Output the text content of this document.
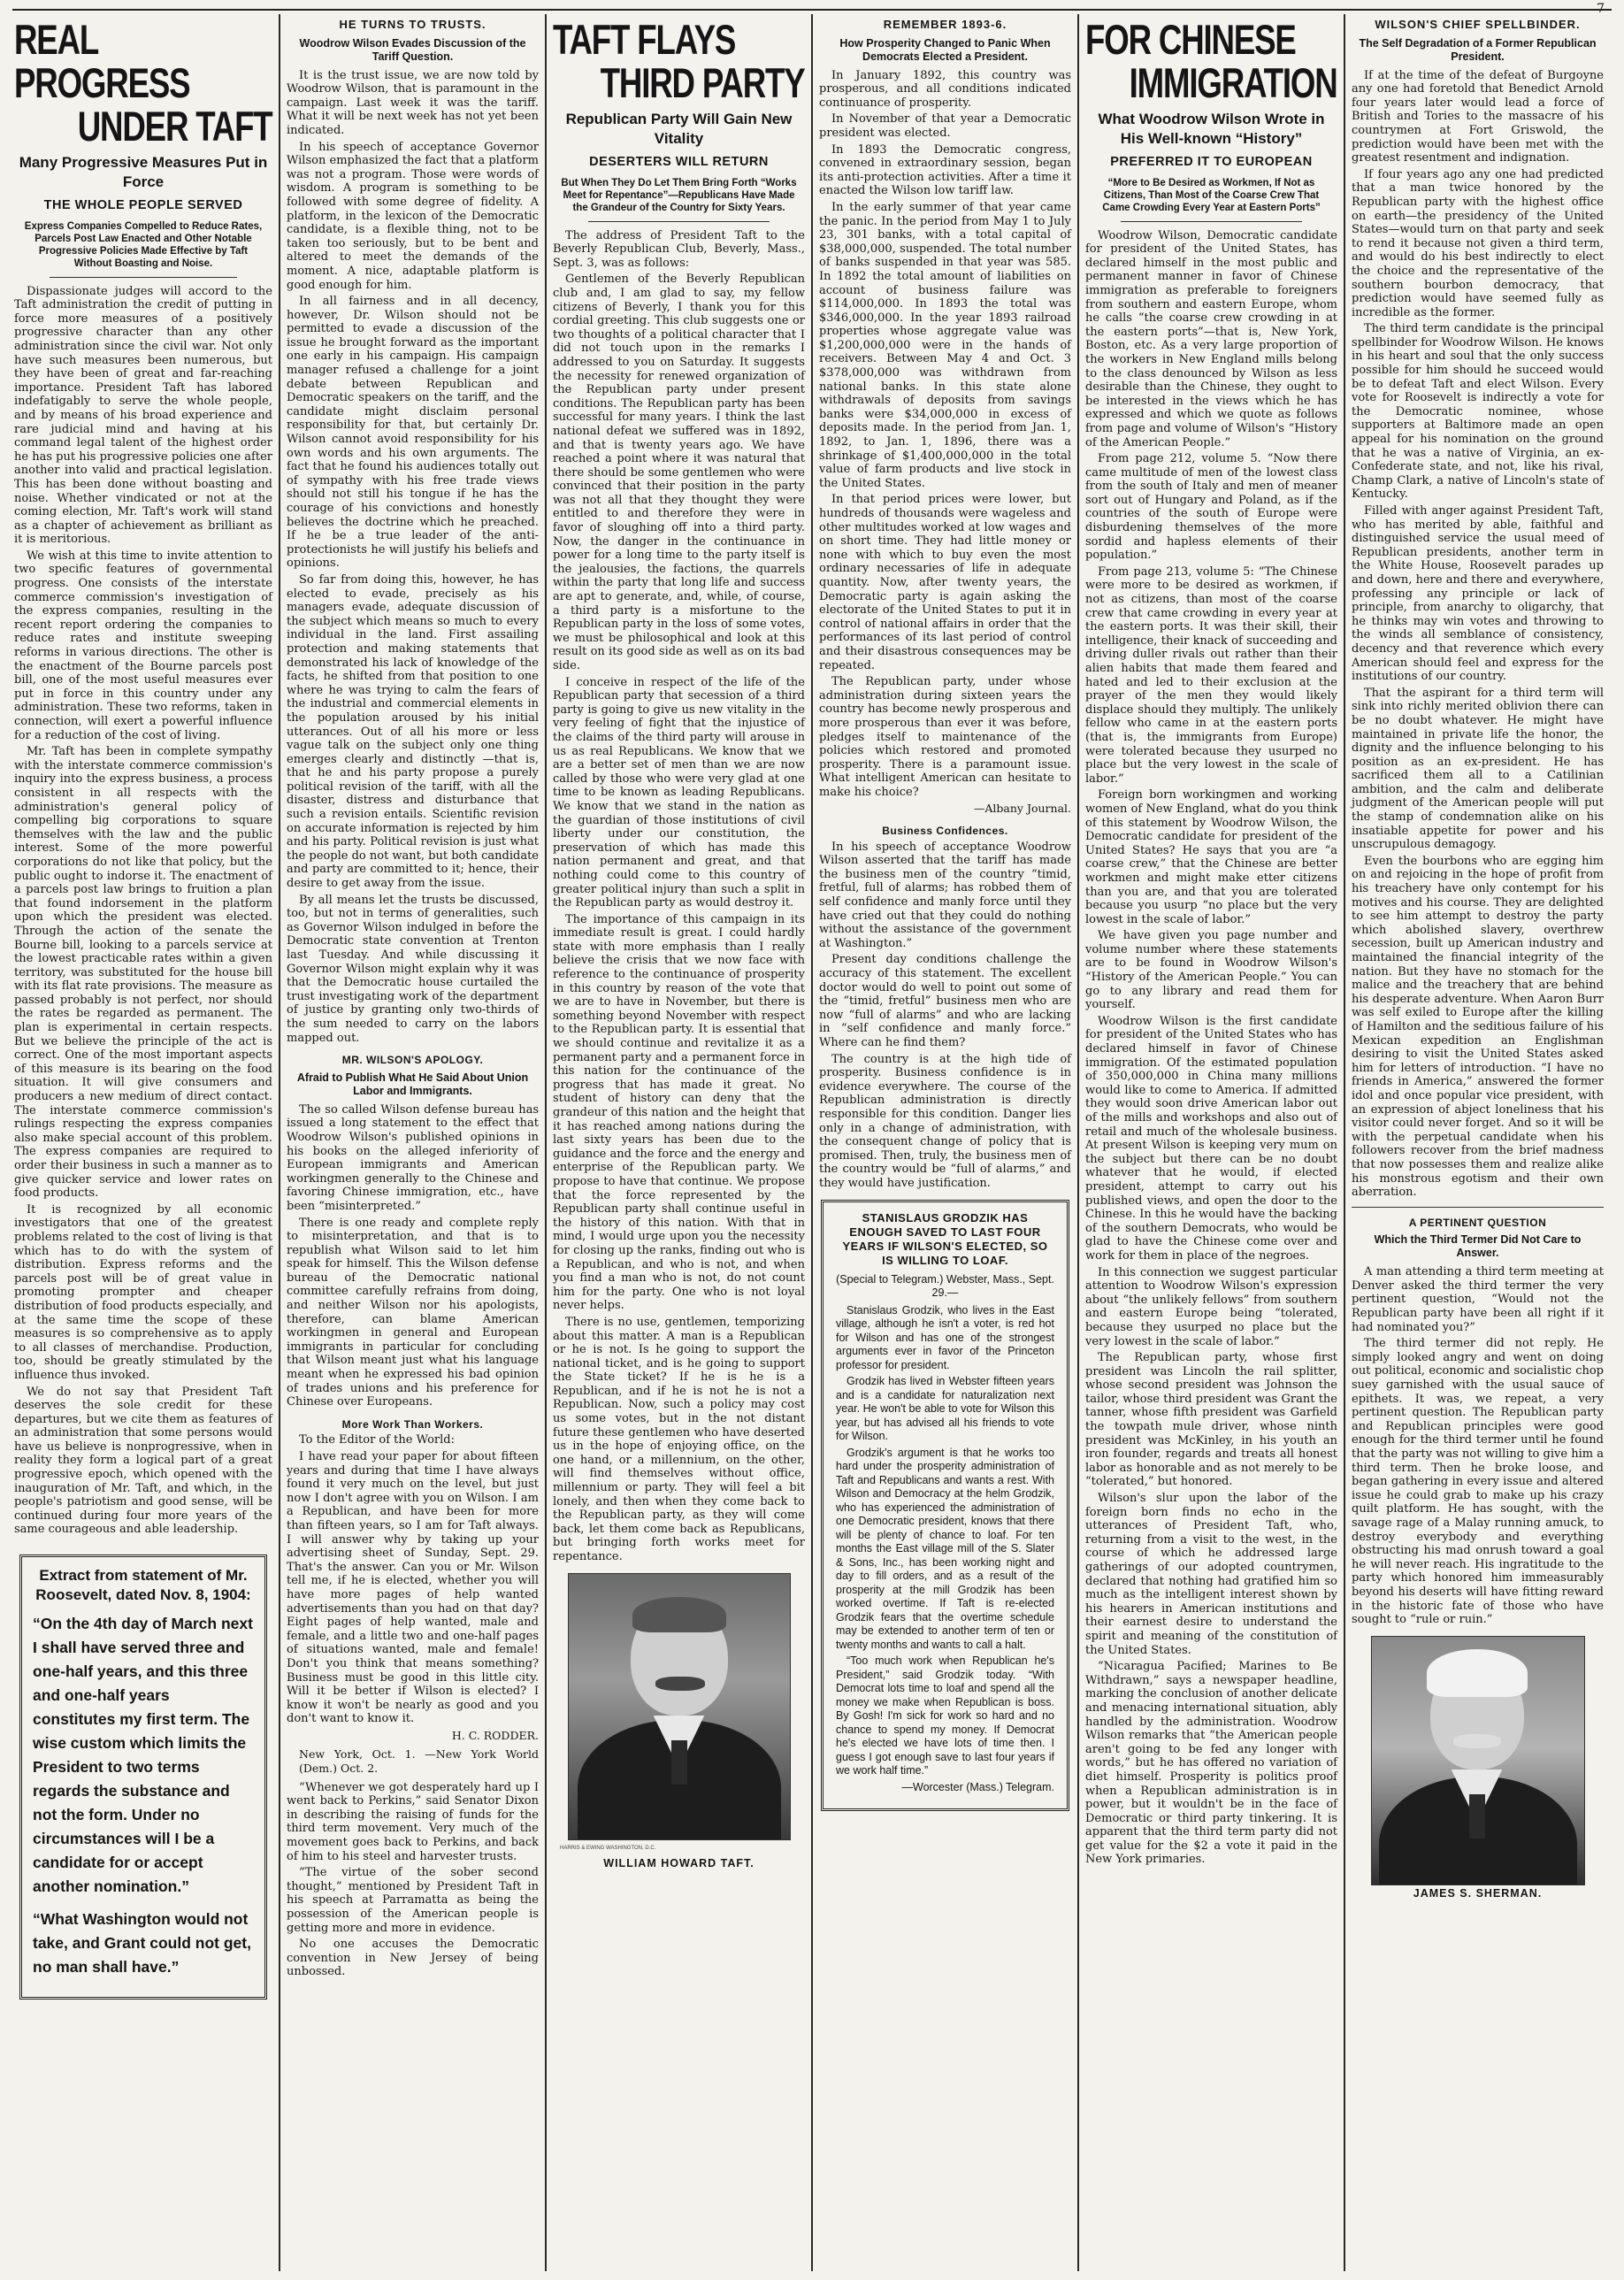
REAL PROGRESS
UNDER TAFT
Many Progressive Measures Put in Force
THE WHOLE PEOPLE SERVED
Express Companies Compelled to Reduce Rates, Parcels Post Law Enacted and Other Notable Progressive Policies Made Effective by Taft Without Boasting and Noise.

Dispassionate judges will accord to the Taft administration the credit of putting in force more measures of a positively progressive character than any other administration since the civil war. Not only have such measures been numerous, but they have been of great and far-reaching importance. President Taft has labored indefatigably to serve the whole people, and by means of his broad experience and rare judicial mind and having at his command legal talent of the highest order he has put his progressive policies one after another into valid and practical legislation. This has been done without boasting and noise. Whether vindicated or not at the coming election, Mr. Taft's work will stand as a chapter of achievement as brilliant as it is meritorious.

We wish at this time to invite attention to two specific features of governmental progress. One consists of the interstate commerce commission's investigation of the express companies, resulting in the recent report ordering the companies to reduce rates and institute sweeping reforms in various directions. The other is the enactment of the Bourne parcels post bill, one of the most useful measures ever put in force in this country under any administration. These two reforms, taken in connection, will exert a powerful influence for a reduction of the cost of living.

Mr. Taft has been in complete sympathy with the interstate commerce commission's inquiry into the express business, a process consistent in all respects with the administration's general policy of compelling big corporations to square themselves with the law and the public interest. Some of the more powerful corporations do not like that policy, but the public ought to indorse it. The enactment of a parcels post law brings to fruition a plan that found indorsement in the platform upon which the president was elected. Through the action of the senate the Bourne bill, looking to a parcels service at the lowest practicable rates within a given territory, was substituted for the house bill with its flat rate provisions. The measure as passed probably is not perfect, nor should the rates be regarded as permanent. The plan is experimental in certain respects. But we believe the principle of the act is correct. One of the most important aspects of this measure is its bearing on the food situation. It will give consumers and producers a new medium of direct contact. The interstate commerce commission's rulings respecting the express companies also make special account of this problem. The express companies are required to order their business in such a manner as to give quicker service and lower rates on food products.

It is recognized by all economic investigators that one of the greatest problems related to the cost of living is that which has to do with the system of distribution. Express reforms and the parcels post will be of great value in promoting prompter and cheaper distribution of food products especially, and at the same time the scope of these measures is so comprehensive as to apply to all classes of merchandise. Production, too, should be greatly stimulated by the influence thus invoked.

We do not say that President Taft deserves the sole credit for these departures, but we cite them as features of an administration that some persons would have us believe is nonprogressive, when in reality they form a logical part of a great progressive epoch, which opened with the inauguration of Mr. Taft, and which, in the people's patriotism and good sense, will be continued during four more years of the same courageous and able leadership.

Extract from statement of Mr. Roosevelt, dated Nov. 8, 1904:

“On the 4th day of March next I shall have served three and one-half years, and this three and one-half years constitutes my first term. The wise custom which limits the President to two terms regards the substance and not the form. Under no circumstances will I be a candidate for or accept another nomination.”

“What Washington would not take, and Grant could not get, no man shall have.”

HE TURNS TO TRUSTS.
Woodrow Wilson Evades Discussion of the Tariff Question.

It is the trust issue, we are now told by Woodrow Wilson, that is paramount in the campaign. Last week it was the tariff. What it will be next week has not yet been indicated.

In his speech of acceptance Governor Wilson emphasized the fact that a platform was not a program. Those were words of wisdom. A program is something to be followed with some degree of fidelity. A platform, in the lexicon of the Democratic candidate, is a flexible thing, not to be taken too seriously, but to be bent and altered to meet the demands of the moment. A nice, adaptable platform is good enough for him.

In all fairness and in all decency, however, Dr. Wilson should not be permitted to evade a discussion of the issue he brought forward as the important one early in his campaign. His campaign manager refused a challenge for a joint debate between Republican and Democratic speakers on the tariff, and the candidate might disclaim personal responsibility for that, but certainly Dr. Wilson cannot avoid responsibility for his own words and his own arguments. The fact that he found his audiences totally out of sympathy with his free trade views should not still his tongue if he has the courage of his convictions and honestly believes the doctrine which he preached. If he be a true leader of the anti-protectionists he will justify his beliefs and opinions.

So far from doing this, however, he has elected to evade, precisely as his managers evade, adequate discussion of the subject which means so much to every individual in the land. First assailing protection and making statements that demonstrated his lack of knowledge of the facts, he shifted from that position to one where he was trying to calm the fears of the industrial and commercial elements in the population aroused by his initial utterances. Out of all his more or less vague talk on the subject only one thing emerges clearly and distinctly —that is, that he and his party propose a purely political revision of the tariff, with all the disaster, distress and disturbance that such a revision entails. Scientific revision on accurate information is rejected by him and his party. Political revision is just what the people do not want, but both candidate and party are committed to it; hence, their desire to get away from the issue.

By all means let the trusts be discussed, too, but not in terms of generalities, such as Governor Wilson indulged in before the Democratic state convention at Trenton last Tuesday. And while discussing it Governor Wilson might explain why it was that the Democratic house curtailed the trust investigating work of the department of justice by granting only two-thirds of the sum needed to carry on the labors mapped out.

MR. WILSON'S APOLOGY.
Afraid to Publish What He Said About Union Labor and Immigrants.

The so called Wilson defense bureau has issued a long statement to the effect that Woodrow Wilson's published opinions in his books on the alleged inferiority of European immigrants and American workingmen generally to the Chinese and favoring Chinese immigration, etc., have been “misinterpreted.”

There is one ready and complete reply to misinterpretation, and that is to republish what Wilson said to let him speak for himself. This the Wilson defense bureau of the Democratic national committee carefully refrains from doing, and neither Wilson nor his apologists, therefore, can blame American workingmen in general and European immigrants in particular for concluding that Wilson meant just what his language meant when he expressed his bad opinion of trades unions and his preference for Chinese over Europeans.

More Work Than Workers.

To the Editor of the World:

I have read your paper for about fifteen years and during that time I have always found it very much on the level, but just now I don't agree with you on Wilson. I am a Republican, and have been for more than fifteen years, so I am for Taft always. I will answer why by taking up your advertising sheet of Sunday, Sept. 29. That's the answer. Can you or Mr. Wilson tell me, if he is elected, whether you will have more pages of help wanted advertisements than you had on that day? Eight pages of help wanted, male and female, and a little two and one-half pages of situations wanted, male and female! Don't you think that means something? Business must be good in this little city. Will it be better if Wilson is elected? I know it won't be nearly as good and you don't want to know it.

H. C. RODDER.
New York, Oct. 1. —New York World (Dem.) Oct. 2.

“Whenever we got desperately hard up I went back to Perkins,” said Senator Dixon in describing the raising of funds for the third term movement. Very much of the movement goes back to Perkins, and back of him to his steel and harvester trusts.

“The virtue of the sober second thought,” mentioned by President Taft in his speech at Parramatta as being the possession of the American people is getting more and more in evidence.

No one accuses the Democratic convention in New Jersey of being unbossed.

TAFT FLAYS
THIRD PARTY
Republican Party Will Gain New Vitality
DESERTERS WILL RETURN
But When They Do Let Them Bring Forth “Works Meet for Repentance”—Republicans Have Made the Grandeur of the Country for Sixty Years.

The address of President Taft to the Beverly Republican Club, Beverly, Mass., Sept. 3, was as follows:

Gentlemen of the Beverly Republican club and, I am glad to say, my fellow citizens of Beverly, I thank you for this cordial greeting. This club suggests one or two thoughts of a political character that I did not touch upon in the remarks I addressed to you on Saturday. It suggests the necessity for renewed organization of the Republican party under present conditions. The Republican party has been successful for many years. I think the last national defeat we suffered was in 1892, and that is twenty years ago. We have reached a point where it was natural that there should be some gentlemen who were convinced that their position in the party was not all that they thought they were entitled to and therefore they were in favor of sloughing off into a third party. Now, the danger in the continuance in power for a long time to the party itself is the jealousies, the factions, the quarrels within the party that long life and success are apt to generate, and, while, of course, a third party is a misfortune to the Republican party in the loss of some votes, we must be philosophical and look at this result on its good side as well as on its bad side.

I conceive in respect of the life of the Republican party that secession of a third party is going to give us new vitality in the very feeling of fight that the injustice of the claims of the third party will arouse in us as real Republicans. We know that we are a better set of men than we are now called by those who were very glad at one time to be known as leading Republicans. We know that we stand in the nation as the guardian of those institutions of civil liberty under our constitution, the preservation of which has made this nation permanent and great, and that nothing could come to this country of greater political injury than such a split in the Republican party as would destroy it.

The importance of this campaign in its immediate result is great. I could hardly state with more emphasis than I really believe the crisis that we now face with reference to the continuance of prosperity in this country by reason of the vote that we are to have in November, but there is something beyond November with respect to the Republican party. It is essential that we should continue and revitalize it as a permanent party and a permanent force in this nation for the continuance of the progress that has made it great. No student of history can deny that the grandeur of this nation and the height that it has reached among nations during the last sixty years has been due to the guidance and the force and the energy and enterprise of the Republican party. We propose to have that continue. We propose that the force represented by the Republican party shall continue useful in the history of this nation. With that in mind, I would urge upon you the necessity for closing up the ranks, finding out who is a Republican, and who is not, and when you find a man who is not, do not count him for the party. One who is not loyal never helps.

There is no use, gentlemen, temporizing about this matter. A man is a Republican or he is not. Is he going to support the national ticket, and is he going to support the State ticket? If he is he is a Republican, and if he is not he is not a Republican. Now, such a policy may cost us some votes, but in the not distant future these gentlemen who have deserted us in the hope of enjoying office, on the one hand, or a millennium, on the other, will find themselves without office, millennium or party. They will feel a bit lonely, and then when they come back to the Republican party, as they will come back, let them come back as Republicans, but bringing forth works meet for repentance.

HARRIS & EWING WASHINGTON, D.C.
WILLIAM HOWARD TAFT.
REMEMBER 1893-6.
How Prosperity Changed to Panic When Democrats Elected a President.

In January 1892, this country was prosperous, and all conditions indicated continuance of prosperity.

In November of that year a Democratic president was elected.

In 1893 the Democratic congress, convened in extraordinary session, began its anti-protection activities. After a time it enacted the Wilson low tariff law.

In the early summer of that year came the panic. In the period from May 1 to July 23, 301 banks, with a total capital of $38,000,000, suspended. The total number of banks suspended in that year was 585. In 1892 the total amount of liabilities on account of business failure was $114,000,000. In 1893 the total was $346,000,000. In the year 1893 railroad properties whose aggregate value was $1,200,000,000 were in the hands of receivers. Between May 4 and Oct. 3 $378,000,000 was withdrawn from national banks. In this state alone withdrawals of deposits from savings banks were $34,000,000 in excess of deposits made. In the period from Jan. 1, 1892, to Jan. 1, 1896, there was a shrinkage of $1,400,000,000 in the total value of farm products and live stock in the United States.

In that period prices were lower, but hundreds of thousands were wageless and other multitudes worked at low wages and on short time. They had little money or none with which to buy even the most ordinary necessaries of life in adequate quantity. Now, after twenty years, the Democratic party is again asking the electorate of the United States to put it in control of national affairs in order that the performances of its last period of control and their disastrous consequences may be repeated.

The Republican party, under whose administration during sixteen years the country has become newly prosperous and more prosperous than ever it was before, pledges itself to maintenance of the policies which restored and promoted prosperity. There is a paramount issue. What intelligent American can hesitate to make his choice?

—Albany Journal.
Business Confidences.

In his speech of acceptance Woodrow Wilson asserted that the tariff has made the business men of the country “timid, fretful, full of alarms; has robbed them of self confidence and manly force until they have cried out that they could do nothing without the assistance of the government at Washington.”

Present day conditions challenge the accuracy of this statement. The excellent doctor would do well to point out some of the “timid, fretful” business men who are now “full of alarms” and who are lacking in “self confidence and manly force.” Where can he find them?

The country is at the high tide of prosperity. Business confidence is in evidence everywhere. The course of the Republican administration is directly responsible for this condition. Danger lies only in a change of administration, with the consequent change of policy that is promised. Then, truly, the business men of the country would be “full of alarms,” and they would have justification.

STANISLAUS GRODZIK HAS ENOUGH SAVED TO LAST FOUR YEARS IF WILSON'S ELECTED, SO IS WILLING TO LOAF.
(Special to Telegram.) Webster, Mass., Sept. 29.—

Stanislaus Grodzik, who lives in the East village, although he isn't a voter, is red hot for Wilson and has one of the strongest arguments ever in favor of the Princeton professor for president.

Grodzik has lived in Webster fifteen years and is a candidate for naturalization next year. He won't be able to vote for Wilson this year, but has advised all his friends to vote for Wilson.

Grodzik's argument is that he works too hard under the prosperity administration of Taft and Republicans and wants a rest. With Wilson and Democracy at the helm Grodzik, who has experienced the administration of one Democratic president, knows that there will be plenty of chance to loaf. For ten months the East village mill of the S. Slater & Sons, Inc., has been working night and day to fill orders, and as a result of the prosperity at the mill Grodzik has been worked overtime. If Taft is re-elected Grodzik fears that the overtime schedule may be extended to another term of ten or twenty months and wants to call a halt.

“Too much work when Republican he's President,” said Grodzik today. “With Democrat lots time to loaf and spend all the money we make when Republican is boss. By Gosh! I'm sick for work so hard and no chance to spend my money. If Democrat he's elected we have lots of time then. I guess I got enough save to last four years if we work half time.”

—Worcester (Mass.) Telegram.
FOR CHINESE
IMMIGRATION
What Woodrow Wilson Wrote in His Well-known “History”
PREFERRED IT TO EUROPEAN
“More to Be Desired as Workmen, If Not as Citizens, Than Most of the Coarse Crew That Came Crowding Every Year at Eastern Ports”

Woodrow Wilson, Democratic candidate for president of the United States, has declared himself in the most public and permanent manner in favor of Chinese immigration as preferable to foreigners from southern and eastern Europe, whom he calls “the coarse crew crowding in at the eastern ports”—that is, New York, Boston, etc. As a very large proportion of the workers in New England mills belong to the class denounced by Wilson as less desirable than the Chinese, they ought to be interested in the views which he has expressed and which we quote as follows from page and volume of Wilson's “History of the American People.”

From page 212, volume 5. “Now there came multitude of men of the lowest class from the south of Italy and men of meaner sort out of Hungary and Poland, as if the countries of the south of Europe were disburdening themselves of the more sordid and hapless elements of their population.”

From page 213, volume 5: “The Chinese were more to be desired as workmen, if not as citizens, than most of the coarse crew that came crowding in every year at the eastern ports. It was their skill, their intelligence, their knack of succeeding and driving duller rivals out rather than their alien habits that made them feared and hated and led to their exclusion at the prayer of the men they would likely displace should they multiply. The unlikely fellow who came in at the eastern ports (that is, the immigrants from Europe) were tolerated because they usurped no place but the very lowest in the scale of labor.”

Foreign born workingmen and working women of New England, what do you think of this statement by Woodrow Wilson, the Democratic candidate for president of the United States? He says that you are “a coarse crew,” that the Chinese are better workmen and might make etter citizens than you are, and that you are tolerated because you usurp “no place but the very lowest in the scale of labor.”

We have given you page number and volume number where these statements are to be found in Woodrow Wilson's “History of the American People.” You can go to any library and read them for yourself.

Woodrow Wilson is the first candidate for president of the United States who has declared himself in favor of Chinese immigration. Of the estimated population of 350,000,000 in China many millions would like to come to America. If admitted they would soon drive American labor out of the mills and workshops and also out of retail and much of the wholesale business. At present Wilson is keeping very mum on the subject but there can be no doubt whatever that he would, if elected president, attempt to carry out his published views, and open the door to the Chinese. In this he would have the backing of the southern Democrats, who would be glad to have the Chinese come over and work for them in place of the negroes.

In this connection we suggest particular attention to Woodrow Wilson's expression about “the unlikely fellows” from southern and eastern Europe being “tolerated, because they usurped no place but the very lowest in the scale of labor.”

The Republican party, whose first president was Lincoln the rail splitter, whose second president was Johnson the tailor, whose third president was Grant the tanner, whose fifth president was Garfield the towpath mule driver, whose ninth president was McKinley, in his youth an iron founder, regards and treats all honest labor as honorable and as not merely to be “tolerated,” but honored.

Wilson's slur upon the labor of the foreign born finds no echo in the utterances of President Taft, who, returning from a visit to the west, in the course of which he addressed large gatherings of our adopted countrymen, declared that nothing had gratified him so much as the intelligent interest shown by his hearers in American institutions and their earnest desire to understand the spirit and meaning of the constitution of the United States.

“Nicaragua Pacified; Marines to Be Withdrawn,” says a newspaper headline, marking the conclusion of another delicate and menacing international situation, ably handled by the administration. Woodrow Wilson remarks that “the American people aren't going to be fed any longer with words,” but he has offered no variation of diet himself. Prosperity is politics proof when a Republican administration is in power, but it wouldn't be in the face of Democratic or third party tinkering. It is apparent that the third term party did not get value for the $2 a vote it paid in the New York primaries.

WILSON'S CHIEF SPELLBINDER.
The Self Degradation of a Former Republican President.

If at the time of the defeat of Burgoyne any one had foretold that Benedict Arnold four years later would lead a force of British and Tories to the massacre of his countrymen at Fort Griswold, the prediction would have been met with the greatest resentment and indignation.

If four years ago any one had predicted that a man twice honored by the Republican party with the highest office on earth—the presidency of the United States—would turn on that party and seek to rend it because not given a third term, and would do his best indirectly to elect the choice and the representative of the southern bourbon democracy, that prediction would have seemed fully as incredible as the former.

The third term candidate is the principal spellbinder for Woodrow Wilson. He knows in his heart and soul that the only success possible for him should he succeed would be to defeat Taft and elect Wilson. Every vote for Roosevelt is indirectly a vote for the Democratic nominee, whose supporters at Baltimore made an open appeal for his nomination on the ground that he was a native of Virginia, an ex-Confederate state, and not, like his rival, Champ Clark, a native of Lincoln's state of Kentucky.

Filled with anger against President Taft, who has merited by able, faithful and distinguished service the usual meed of Republican presidents, another term in the White House, Roosevelt parades up and down, here and there and everywhere, professing any principle or lack of principle, from anarchy to oligarchy, that he thinks may win votes and throwing to the winds all semblance of consistency, decency and that reverence which every American should feel and express for the institutions of our country.

That the aspirant for a third term will sink into richly merited oblivion there can be no doubt whatever. He might have maintained in private life the honor, the dignity and the influence belonging to his position as an ex-president. He has sacrificed them all to a Catilinian ambition, and the calm and deliberate judgment of the American people will put the stamp of condemnation alike on his insatiable appetite for power and his unscrupulous demagogy.

Even the bourbons who are egging him on and rejoicing in the hope of profit from his treachery have only contempt for his motives and his course. They are delighted to see him attempt to destroy the party which abolished slavery, overthrew secession, built up American industry and maintained the financial integrity of the nation. But they have no stomach for the malice and the treachery that are behind his desperate adventure. When Aaron Burr was self exiled to Europe after the killing of Hamilton and the seditious failure of his Mexican expedition an Englishman desiring to visit the United States asked him for letters of introduction. “I have no friends in America,” answered the former idol and once popular vice president, with an expression of abject loneliness that his visitor could never forget. And so it will be with the perpetual candidate when his followers recover from the brief madness that now possesses them and realize alike his monstrous egotism and their own aberration.

A PERTINENT QUESTION
Which the Third Termer Did Not Care to Answer.

A man attending a third term meeting at Denver asked the third termer the very pertinent question, “Would not the Republican party have been all right if it had nominated you?”

The third termer did not reply. He simply looked angry and went on doing out political, economic and socialistic chop suey garnished with the usual sauce of epithets. It was, we repeat, a very pertinent question. The Republican party and Republican principles were good enough for the third termer until he found that the party was not willing to give him a third term. Then he broke loose, and began gathering in every issue and altered issue he could grab to make up his crazy quilt platform. He has sought, with the savage rage of a Malay running amuck, to destroy everybody and everything obstructing his mad onrush toward a goal he will never reach. His ingratitude to the party which honored him immeasurably beyond his deserts will have fitting reward in the historic fate of those who have sought to “rule or ruin.”

JAMES S. SHERMAN.
